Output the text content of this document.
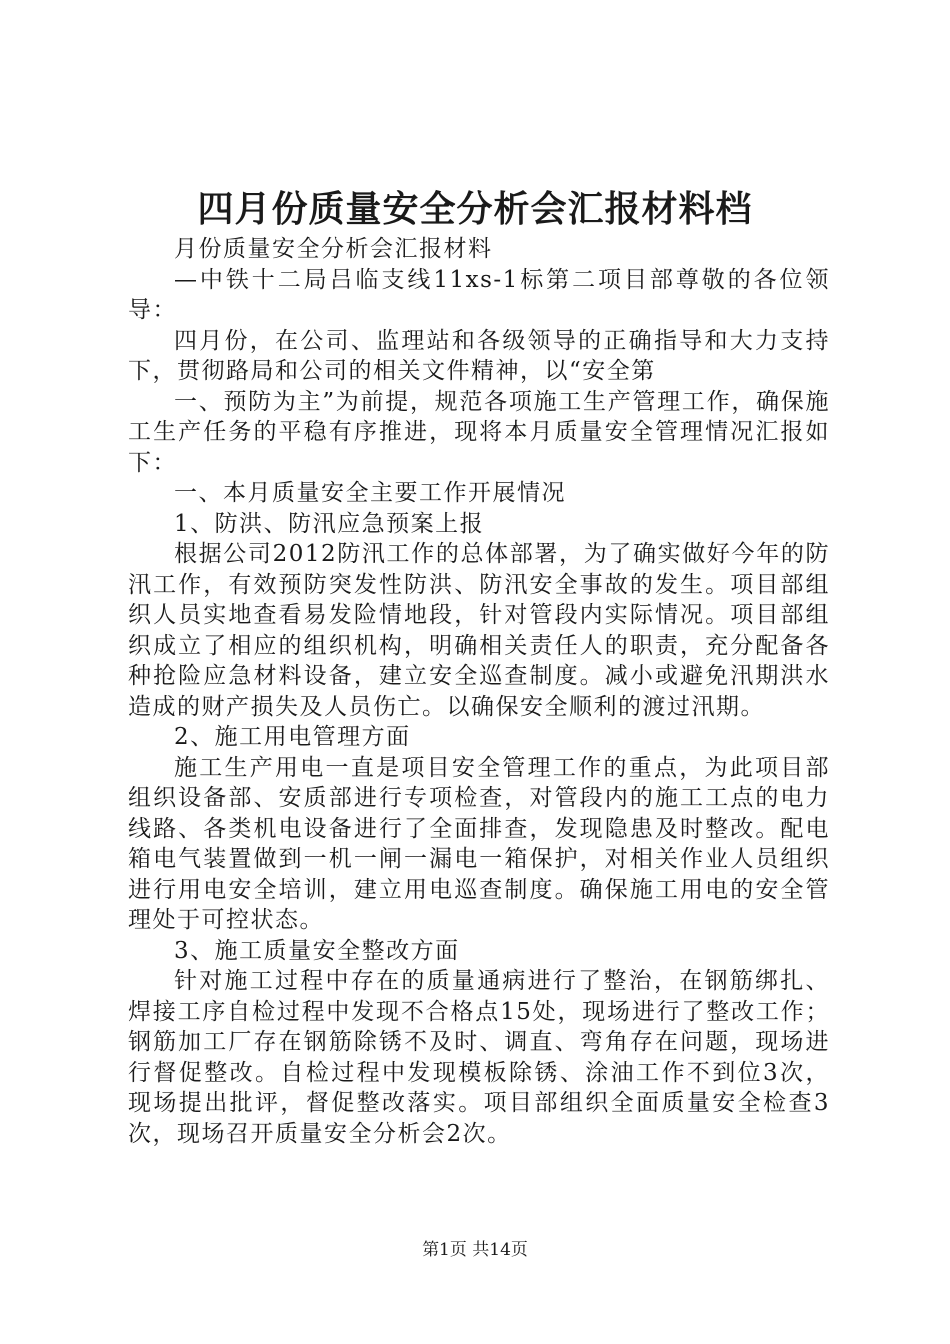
四月份质量安全分析会汇报材料档

月份质量安全分析会汇报材料

—中铁十二局吕临支线11xs-1标第二项目部尊敬的各位领导：

四月份，在公司、监理站和各级领导的正确指导和大力支持下，贯彻路局和公司的相关文件精神，以“安全第

一、预防为主”为前提，规范各项施工生产管理工作，确保施工生产任务的平稳有序推进，现将本月质量安全管理情况汇报如下：

一、本月质量安全主要工作开展情况

1、防洪、防汛应急预案上报

根据公司2012防汛工作的总体部署，为了确实做好今年的防汛工作，有效预防突发性防洪、防汛安全事故的发生。项目部组织人员实地查看易发险情地段，针对管段内实际情况。项目部组织成立了相应的组织机构，明确相关责任人的职责，充分配备各种抢险应急材料设备，建立安全巡查制度。减小或避免汛期洪水造成的财产损失及人员伤亡。以确保安全顺利的渡过汛期。

2、施工用电管理方面

施工生产用电一直是项目安全管理工作的重点，为此项目部组织设备部、安质部进行专项检查，对管段内的施工工点的电力线路、各类机电设备进行了全面排查，发现隐患及时整改。配电箱电气装置做到一机一闸一漏电一箱保护，对相关作业人员组织进行用电安全培训，建立用电巡查制度。确保施工用电的安全管理处于可控状态。

3、施工质量安全整改方面

针对施工过程中存在的质量通病进行了整治，在钢筋绑扎、焊接工序自检过程中发现不合格点15处，现场进行了整改工作；钢筋加工厂存在钢筋除锈不及时、调直、弯角存在问题，现场进行督促整改。自检过程中发现模板除锈、涂油工作不到位3次，现场提出批评，督促整改落实。项目部组织全面质量安全检查3次，现场召开质量安全分析会2次。

第1页 共14页
